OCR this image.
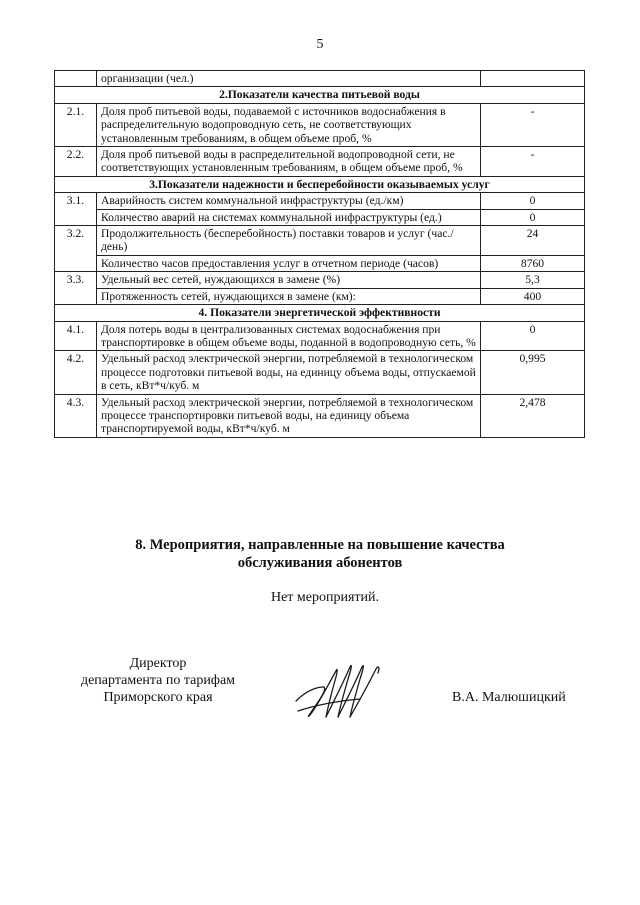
5
	организации (чел.)	
2.Показатели качества питьевой воды		
2.1.	Доля проб питьевой воды, подаваемой с источников водоснабжения в распределительную водопроводную сеть, не соответствующих установленным требованиям, в общем объеме проб, %	-
2.2.	Доля проб питьевой воды в распределительной водопроводной сети, не соответствующих установленным требованиям, в общем объеме проб, %	-
3.Показатели надежности и бесперебойности оказываемых услуг		
3.1.	Аварийность систем коммунальной инфраструктуры (ед./км)	0
	Количество аварий на системах коммунальной инфраструктуры (ед.)	0
3.2.	Продолжительность (бесперебойность) поставки товаров и услуг (час./день)	24
	Количество часов предоставления услуг в отчетном периоде (часов)	8760
3.3.	Удельный вес сетей, нуждающихся в замене (%)	5,3
	Протяженность сетей, нуждающихся в замене (км):	400
4. Показатели энергетической эффективности		
4.1.	Доля потерь воды в централизованных системах водоснабжения при транспортировке в общем объеме воды, поданной в водопроводную сеть, %	0
4.2.	Удельный расход электрической энергии, потребляемой в технологическом процессе подготовки питьевой воды, на единицу объема воды, отпускаемой в сеть, кВт*ч/куб. м	0,995
4.3.	Удельный расход электрической энергии, потребляемой в технологическом процессе транспортировки питьевой воды, на единицу объема транспортируемой воды, кВт*ч/куб. м	2,478
8. Мероприятия, направленные на повышение качества
обслуживания абонентов
Нет мероприятий.
Директор
департамента по тарифам
Приморского края	В.А. Малюшицкий
